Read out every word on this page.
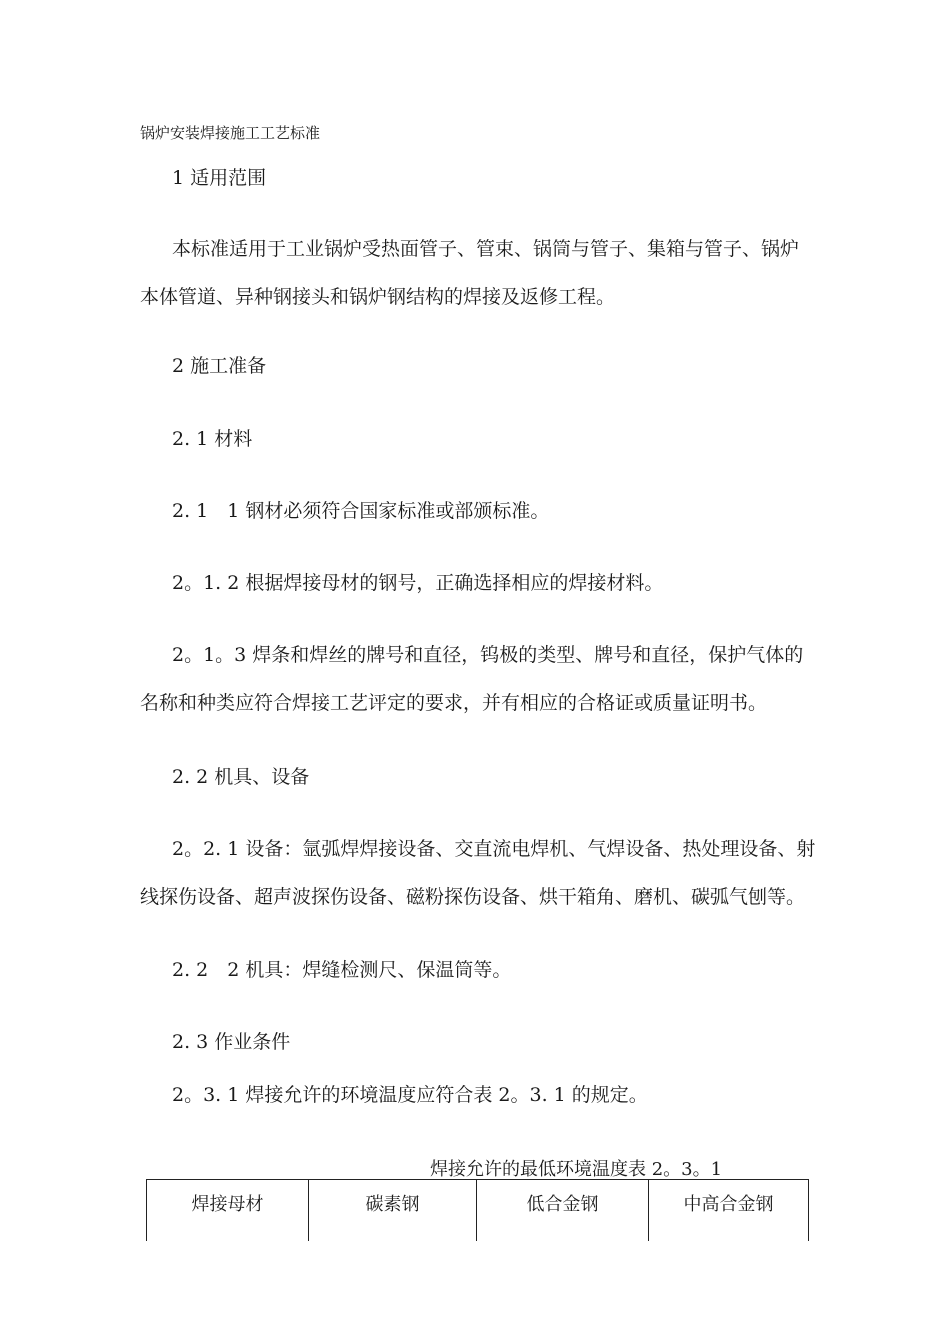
锅炉安装焊接施工工艺标准
1 适用范围
本标准适用于工业锅炉受热面管子、管束、锅筒与管子、集箱与管子、锅炉
本体管道、异种钢接头和锅炉钢结构的焊接及返修工程。
2 施工准备
2. 1 材料
2. 1　1 钢材必须符合国家标准或部颁标准。
2。1. 2 根据焊接母材的钢号，正确选择相应的焊接材料。
2。1。3 焊条和焊丝的牌号和直径，钨极的类型、牌号和直径，保护气体的
名称和种类应符合焊接工艺评定的要求，并有相应的合格证或质量证明书。
2. 2 机具、设备
2。2. 1 设备：氩弧焊焊接设备、交直流电焊机、气焊设备、热处理设备、射
线探伤设备、超声波探伤设备、磁粉探伤设备、烘干箱角、磨机、碳弧气刨等。
2. 2　2 机具：焊缝检测尺、保温筒等。
2. 3 作业条件
2。3. 1 焊接允许的环境温度应符合表 2。3. 1 的规定。
焊接允许的最低环境温度表 2。3。1
焊接母材	碳素钢	低合金钢	中高合金钢
